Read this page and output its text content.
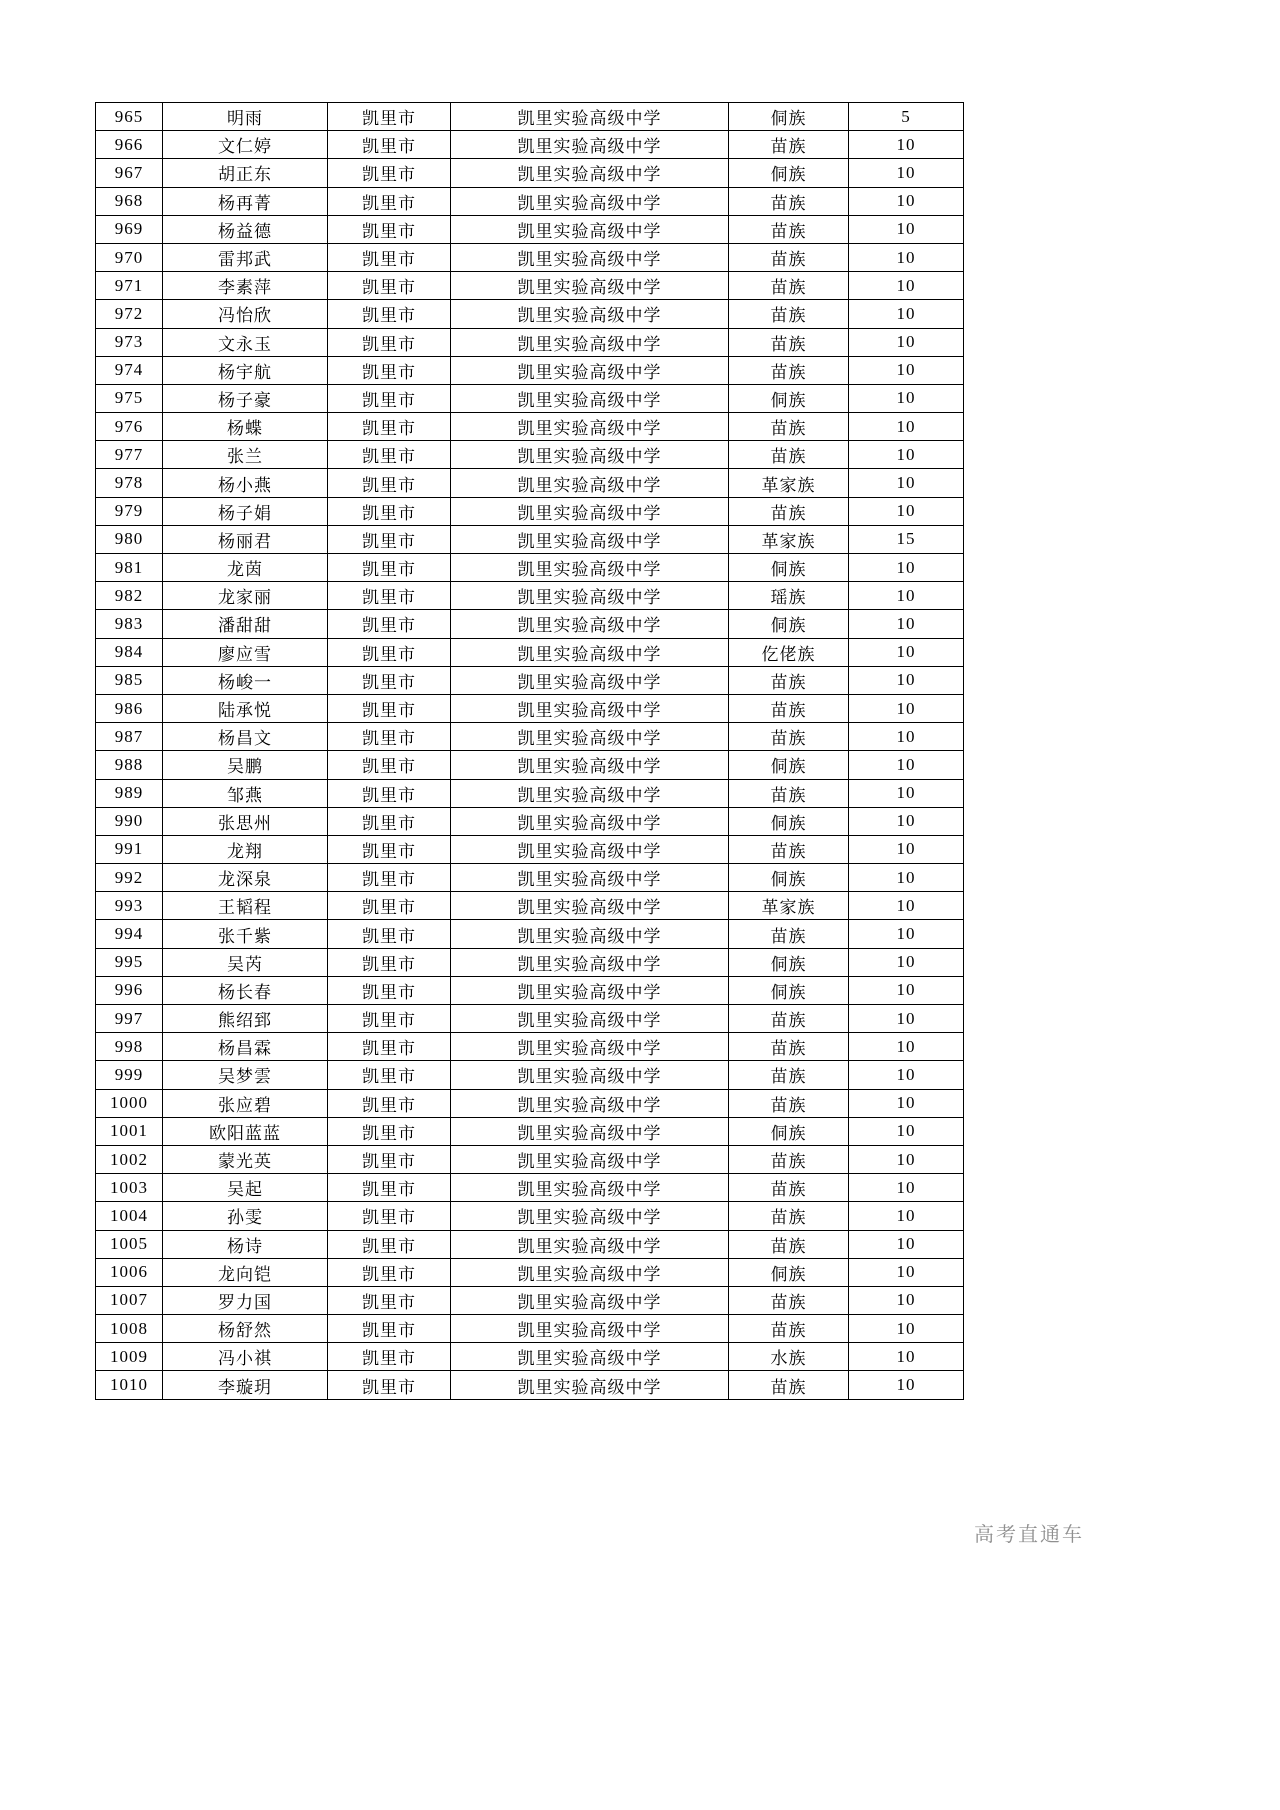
965	明雨	凯里市	凯里实验高级中学	侗族	5
966	文仁婷	凯里市	凯里实验高级中学	苗族	10
967	胡正东	凯里市	凯里实验高级中学	侗族	10
968	杨再菁	凯里市	凯里实验高级中学	苗族	10
969	杨益德	凯里市	凯里实验高级中学	苗族	10
970	雷邦武	凯里市	凯里实验高级中学	苗族	10
971	李素萍	凯里市	凯里实验高级中学	苗族	10
972	冯怡欣	凯里市	凯里实验高级中学	苗族	10
973	文永玉	凯里市	凯里实验高级中学	苗族	10
974	杨宇航	凯里市	凯里实验高级中学	苗族	10
975	杨子豪	凯里市	凯里实验高级中学	侗族	10
976	杨蝶	凯里市	凯里实验高级中学	苗族	10
977	张兰	凯里市	凯里实验高级中学	苗族	10
978	杨小燕	凯里市	凯里实验高级中学	革家族	10
979	杨子娟	凯里市	凯里实验高级中学	苗族	10
980	杨丽君	凯里市	凯里实验高级中学	革家族	15
981	龙茵	凯里市	凯里实验高级中学	侗族	10
982	龙家丽	凯里市	凯里实验高级中学	瑶族	10
983	潘甜甜	凯里市	凯里实验高级中学	侗族	10
984	廖应雪	凯里市	凯里实验高级中学	仡佬族	10
985	杨峻一	凯里市	凯里实验高级中学	苗族	10
986	陆承悦	凯里市	凯里实验高级中学	苗族	10
987	杨昌文	凯里市	凯里实验高级中学	苗族	10
988	吴鹏	凯里市	凯里实验高级中学	侗族	10
989	邹燕	凯里市	凯里实验高级中学	苗族	10
990	张思州	凯里市	凯里实验高级中学	侗族	10
991	龙翔	凯里市	凯里实验高级中学	苗族	10
992	龙深泉	凯里市	凯里实验高级中学	侗族	10
993	王韬程	凯里市	凯里实验高级中学	革家族	10
994	张千紫	凯里市	凯里实验高级中学	苗族	10
995	吴芮	凯里市	凯里实验高级中学	侗族	10
996	杨长春	凯里市	凯里实验高级中学	侗族	10
997	熊绍郅	凯里市	凯里实验高级中学	苗族	10
998	杨昌霖	凯里市	凯里实验高级中学	苗族	10
999	吴梦雲	凯里市	凯里实验高级中学	苗族	10
1000	张应碧	凯里市	凯里实验高级中学	苗族	10
1001	欧阳蓝蓝	凯里市	凯里实验高级中学	侗族	10
1002	蒙光英	凯里市	凯里实验高级中学	苗族	10
1003	吴起	凯里市	凯里实验高级中学	苗族	10
1004	孙雯	凯里市	凯里实验高级中学	苗族	10
1005	杨诗	凯里市	凯里实验高级中学	苗族	10
1006	龙向铠	凯里市	凯里实验高级中学	侗族	10
1007	罗力国	凯里市	凯里实验高级中学	苗族	10
1008	杨舒然	凯里市	凯里实验高级中学	苗族	10
1009	冯小祺	凯里市	凯里实验高级中学	水族	10
1010	李璇玥	凯里市	凯里实验高级中学	苗族	10
高考直通车
